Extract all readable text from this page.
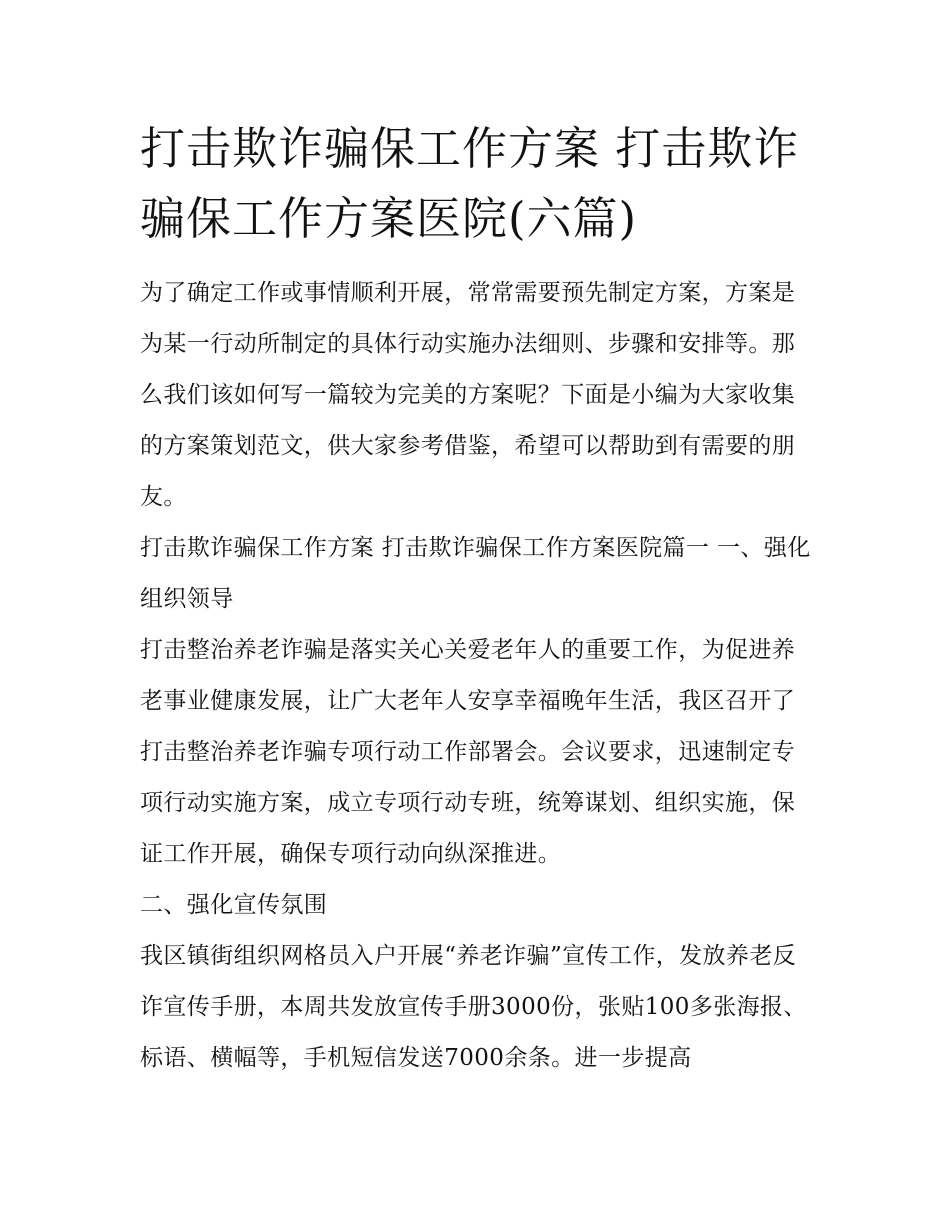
打击欺诈骗保工作方案 打击欺诈骗保工作方案医院(六篇)

为了确定工作或事情顺利开展，常常需要预先制定方案，方案是为某一行动所制定的具体行动实施办法细则、步骤和安排等。那么我们该如何写一篇较为完美的方案呢？下面是小编为大家收集的方案策划范文，供大家参考借鉴，希望可以帮助到有需要的朋友。

打击欺诈骗保工作方案 打击欺诈骗保工作方案医院篇一 一、强化组织领导

打击整治养老诈骗是落实关心关爱老年人的重要工作，为促进养老事业健康发展，让广大老年人安享幸福晚年生活，我区召开了打击整治养老诈骗专项行动工作部署会。会议要求，迅速制定专项行动实施方案，成立专项行动专班，统筹谋划、组织实施，保证工作开展，确保专项行动向纵深推进。

二、强化宣传氛围

我区镇街组织网格员入户开展“养老诈骗”宣传工作，发放养老反诈宣传手册，本周共发放宣传手册3000份，张贴100多张海报、标语、横幅等，手机短信发送7000余条。进一步提高
